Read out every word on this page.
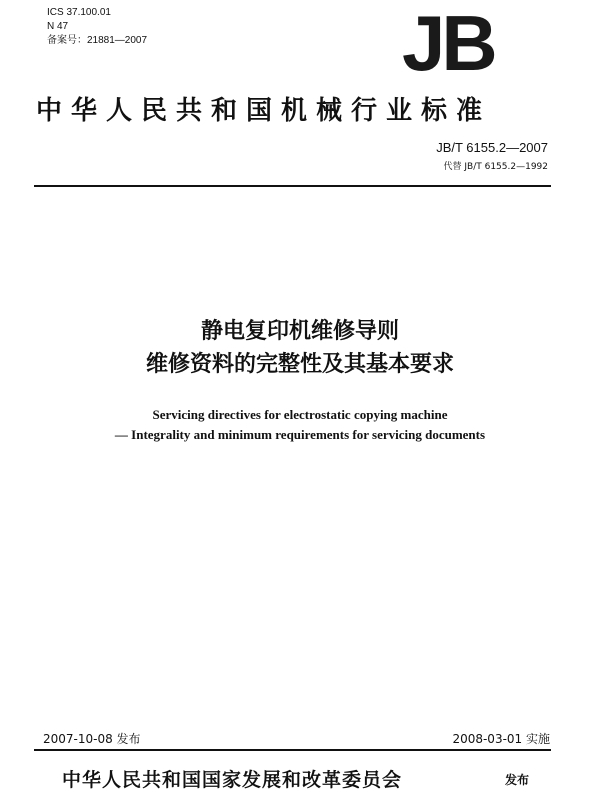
ICS 37.100.01
N 47
备案号：21881—2007	JB
中华人民共和国机械行业标准
JB/T 6155.2—2007
代替 JB/T 6155.2—1992
静电复印机维修导则
维修资料的完整性及其基本要求
Servicing directives for electrostatic copying machine
— Integrality and minimum requirements for servicing documents
2007-10-08 发布	2008-03-01 实施
中华人民共和国国家发展和改革委员会	发布
